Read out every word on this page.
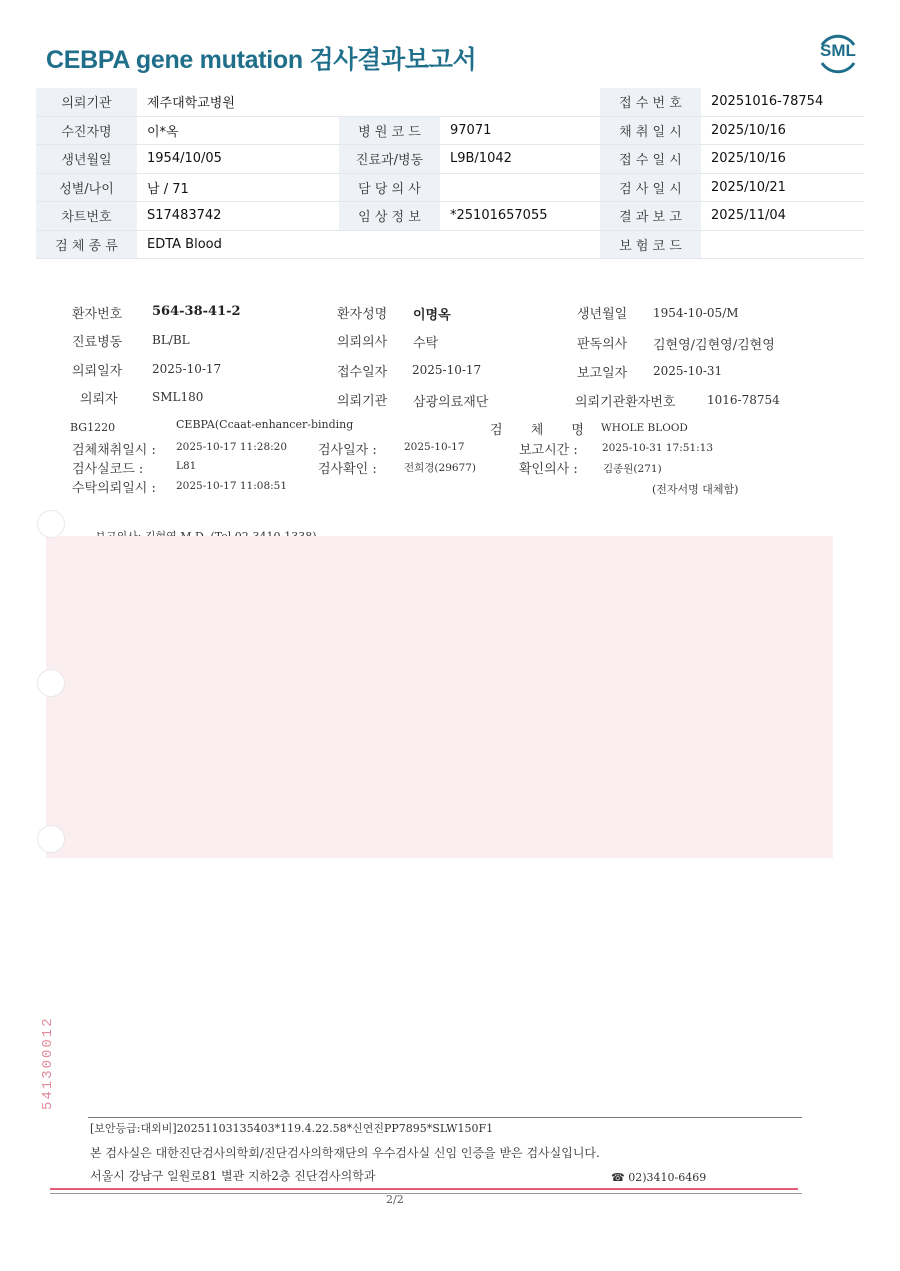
CEBPA gene mutation 검사결과보고서	SML
의뢰기관	제주대학교병원			접 수 번 호	20251016-78754
수진자명	이*옥	병 원 코 드	97071	채 취 일 시	2025/10/16
생년월일	1954/10/05	진료과/병동	L9B/1042	접 수 일 시	2025/10/16
성별/나이	남 / 71	담 당 의 사		검 사 일 시	2025/10/21
차트번호	S17483742	임 상 정 보	*25101657055	결 과 보 고	2025/11/04
검 체 종 류	EDTA Blood			보 험 코 드	
환자번호 564-38-41-2	환자성명 이명옥	생년월일 1954-10-05/M
진료병동 BL/BL	의뢰의사 수탁	판독의사 김현영/김현영/김현영
의뢰일자 2025-10-17	접수일자 2025-10-17	보고일자 2025-10-31
의뢰자	SML180	의뢰기관 삼광의료재단	의뢰기관환자번호	1016-78754
BG1220	CEBPA(Ccaat-enhancer-binding	검 체 명 WHOLE BLOOD
검체채취일시 : 2025-10-17 11:28:20 검사일자 :	2025-10-17	보고시간 : 2025-10-31 17:51:13
검사실코드 :	L81	검사확인 :	전희경(29677)	확인의사 : 김종원(271)
수탁의뢰일시 : 2025-10-17 11:08:51	(전자서명 대체함)
541300012
[보안등급:대외비]20251103135403*119.4.22.58*신연진PP7895*SLW150F1
본 검사실은 대한진단검사의학회/진단검사의학재단의 우수검사실 신임 인증을 받은 검사실입니다.
서울시 강남구 일원로81 별관 지하2층 진단검사의학과	☎ 02)3410-6469
2/2
